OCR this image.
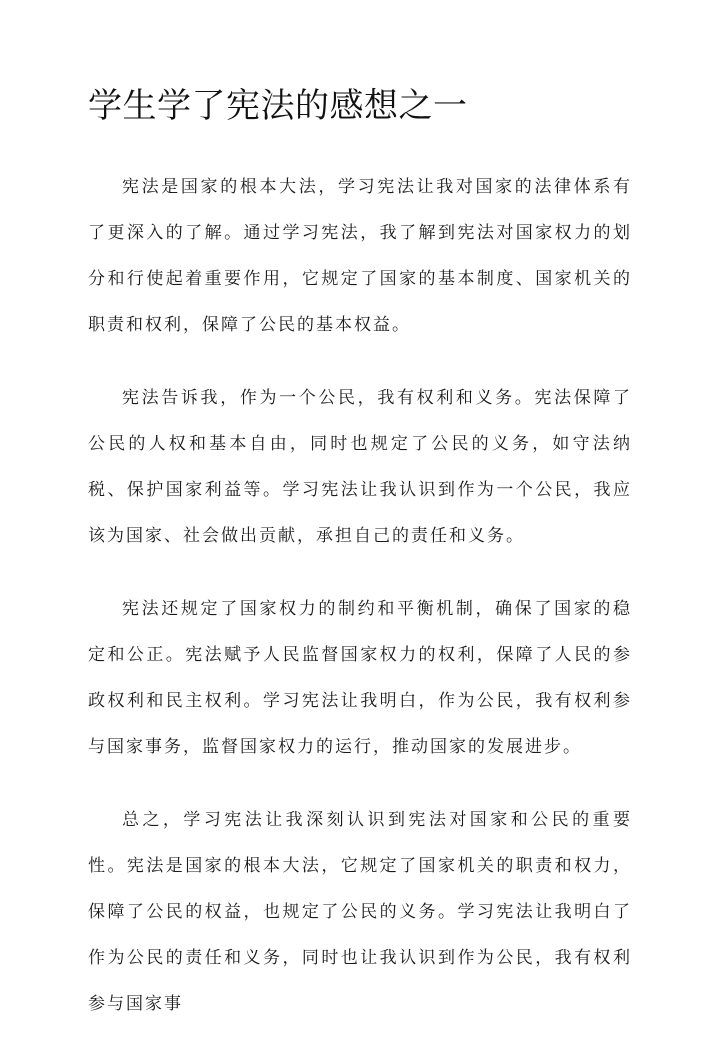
学生学了宪法的感想之一

宪法是国家的根本大法，学习宪法让我对国家的法律体系有了更深入的了解。通过学习宪法，我了解到宪法对国家权力的划分和行使起着重要作用，它规定了国家的基本制度、国家机关的职责和权利，保障了公民的基本权益。

宪法告诉我，作为一个公民，我有权利和义务。宪法保障了公民的人权和基本自由，同时也规定了公民的义务，如守法纳税、保护国家利益等。学习宪法让我认识到作为一个公民，我应该为国家、社会做出贡献，承担自己的责任和义务。

宪法还规定了国家权力的制约和平衡机制，确保了国家的稳定和公正。宪法赋予人民监督国家权力的权利，保障了人民的参政权利和民主权利。学习宪法让我明白，作为公民，我有权利参与国家事务，监督国家权力的运行，推动国家的发展进步。

总之，学习宪法让我深刻认识到宪法对国家和公民的重要性。宪法是国家的根本大法，它规定了国家机关的职责和权力，保障了公民的权益，也规定了公民的义务。学习宪法让我明白了作为公民的责任和义务，同时也让我认识到作为公民，我有权利参与国家事
